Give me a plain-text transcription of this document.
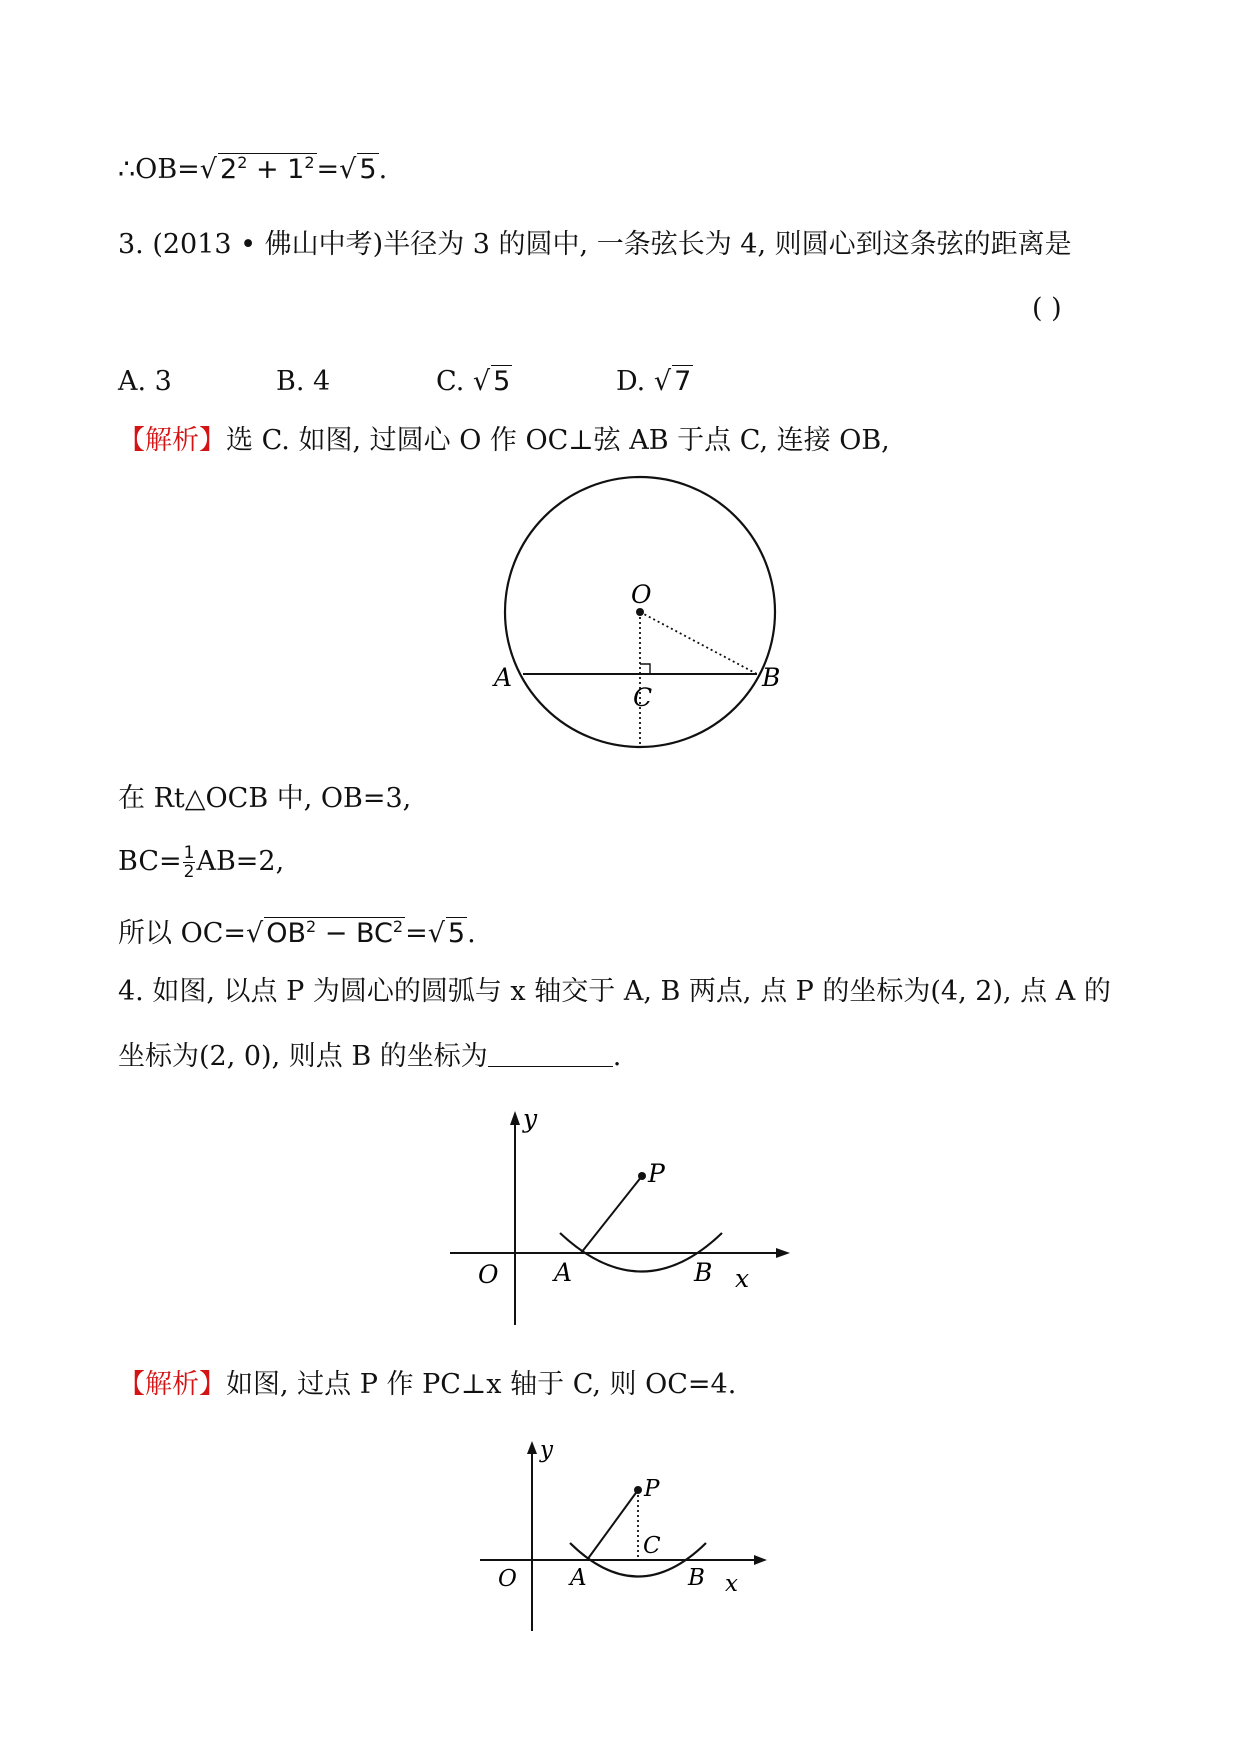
∴OB=√ $2^2 + 1^2=√$ 5.
3. (2013 • 佛山中考)半径为 3 的圆中, 一条弦长为 4, 则圆心到这条弦的距离是
( )
A. 3	B. 4	C. √ 5	D. √ 7
【解析】选 C. 如图, 过圆心 O 作 OC⊥弦 AB 于点 C, 连接 OB,
O
A	B
C
在 Rt△OCB 中, OB=3,
$BC= \frac{1}{2} AB=2$,
所以 OC=√ $OB^2 - BC^2=√$ 5.
4. 如图, 以点 P 为圆心的圆弧与 x 轴交于 A, B 两点, 点 P 的坐标为(4, 2), 点 A 的
坐标为(2, 0), 则点 B 的坐标为	.
y
P
O A	B x
【解析】如图, 过点 P 作 PC⊥x 轴于 C, 则 OC=4.
y
P
C
O A	B x
